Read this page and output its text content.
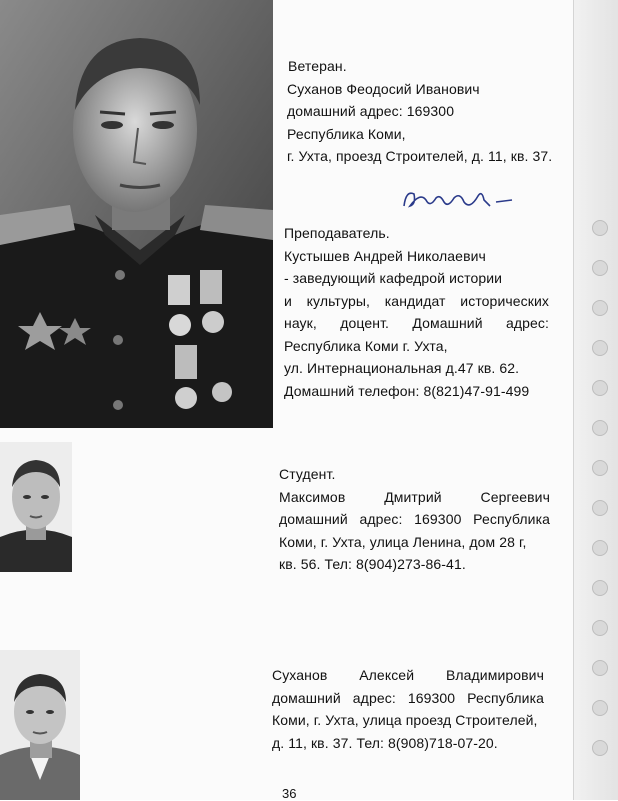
Ветеран.
Суханов Феодосий Иванович
домашний адрес: 169300
Республика Коми,
г. Ухта, проезд Строителей, д. 11, кв. 37.
Преподаватель.
Кустышев Андрей Николаевич
- заведующий кафедрой истории
и культуры, кандидат исторических
наук, доцент. Домашний адрес:
Республика Коми г. Ухта,
ул. Интернациональная д.47 кв. 62.
Домашний телефон: 8(821)47-91-499
Студент.
Максимов Дмитрий Сергеевич
домашний адрес: 169300 Республика
Коми, г. Ухта, улица Ленина, дом 28 г,
кв. 56. Тел: 8(904)273-86-41.
Суханов Алексей Владимирович
домашний адрес: 169300 Республика
Коми, г. Ухта, улица проезд Строителей,
д. 11, кв. 37. Тел: 8(908)718-07-20.
36
